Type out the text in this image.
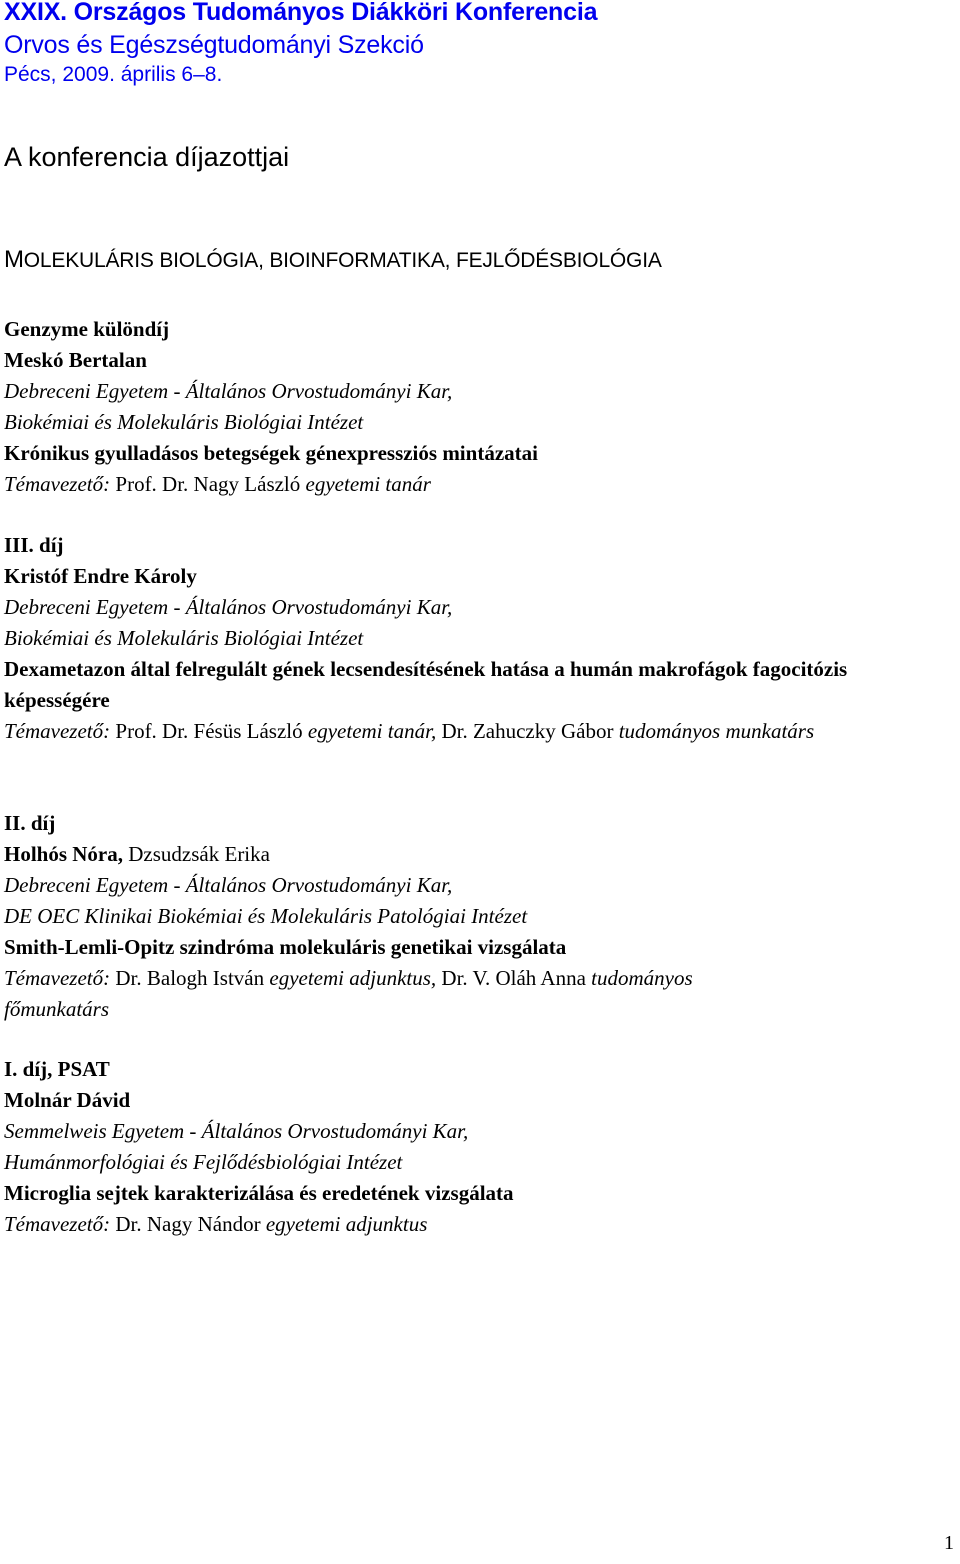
XXIX. Országos Tudományos Diákköri Konferencia
Orvos és Egészségtudományi Szekció
Pécs, 2009. április 6–8.
A konferencia díjazottjai
MOLEKULÁRIS BIOLÓGIA, BIOINFORMATIKA, FEJLŐDÉSBIOLÓGIA
Genzyme különdíj
Meskó Bertalan
Debreceni Egyetem - Általános Orvostudományi Kar,
Biokémiai és Molekuláris Biológiai Intézet
Krónikus gyulladásos betegségek génexpressziós mintázatai
Témavezető: Prof. Dr. Nagy László egyetemi tanár
III. díj
Kristóf Endre Károly
Debreceni Egyetem - Általános Orvostudományi Kar,
Biokémiai és Molekuláris Biológiai Intézet
Dexametazon által felregulált gének lecsendesítésének hatása a humán makrofágok fagocitózis képességére
Témavezető: Prof. Dr. Fésüs László egyetemi tanár, Dr. Zahuczky Gábor tudományos munkatárs
II. díj
Holhós Nóra, Dzsudzsák Erika
Debreceni Egyetem - Általános Orvostudományi Kar,
DE OEC Klinikai Biokémiai és Molekuláris Patológiai Intézet
Smith-Lemli-Opitz szindróma molekuláris genetikai vizsgálata
Témavezető: Dr. Balogh István egyetemi adjunktus, Dr. V. Oláh Anna tudományos főmunkatárs
I. díj, PSAT
Molnár Dávid
Semmelweis Egyetem - Általános Orvostudományi Kar,
Humánmorfológiai és Fejlődésbiológiai Intézet
Microglia sejtek karakterizálása és eredetének vizsgálata
Témavezető: Dr. Nagy Nándor egyetemi adjunktus
1
